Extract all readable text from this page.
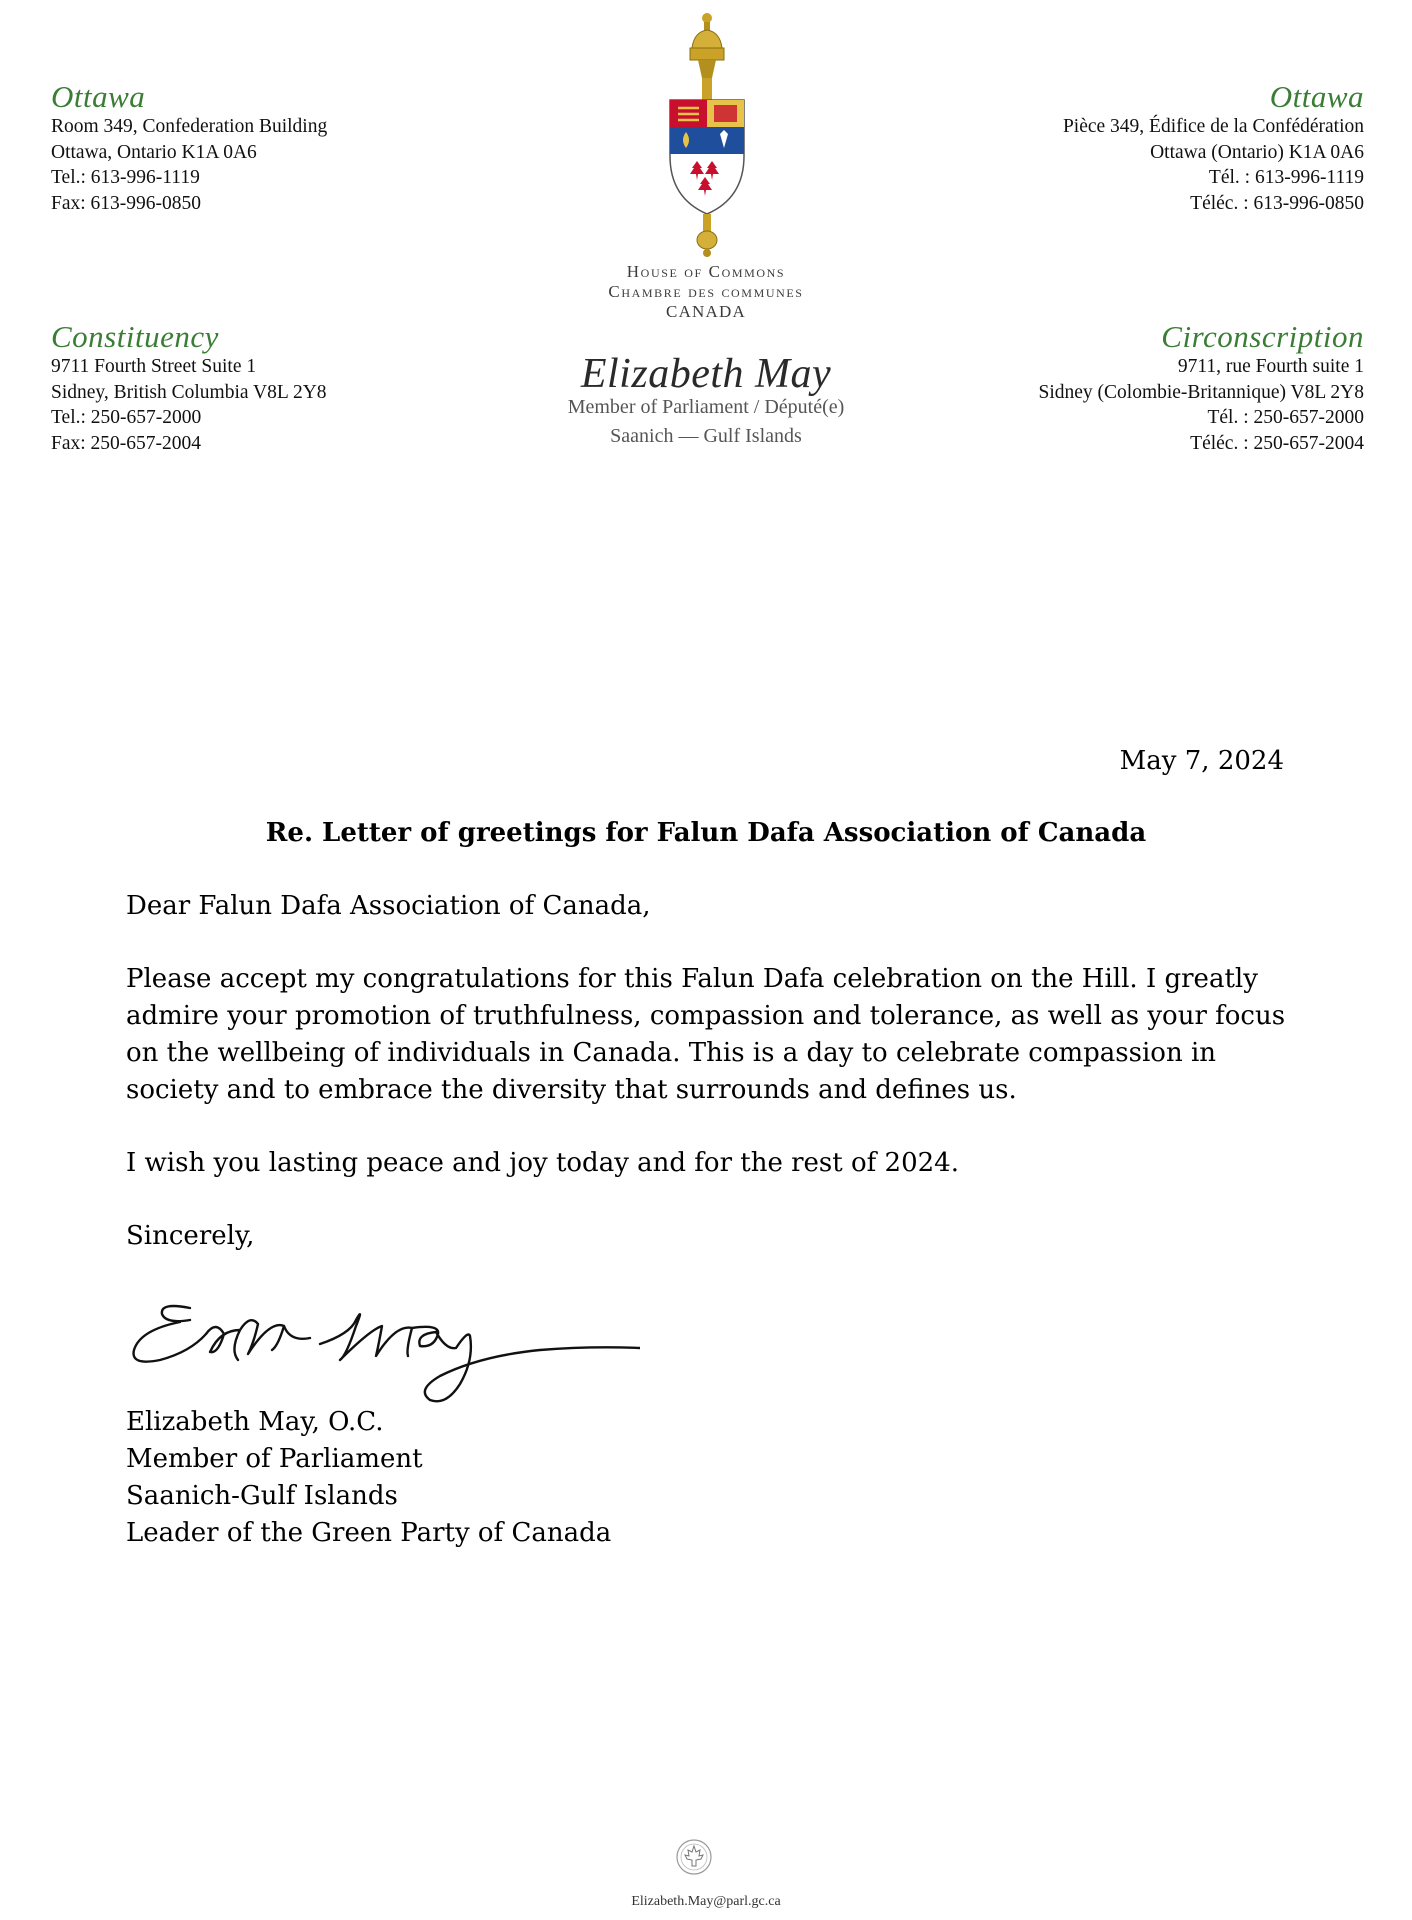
Ottawa
Room 349, Confederation Building
Ottawa, Ontario K1A 0A6
Tel.: 613-996-1119
Fax: 613-996-0850
Ottawa
Pièce 349, Édifice de la Confédération
Ottawa (Ontario) K1A 0A6
Tél. : 613-996-1119
Téléc. : 613-996-0850
Constituency
9711 Fourth Street Suite 1
Sidney, British Columbia V8L 2Y8
Tel.: 250-657-2000
Fax: 250-657-2004
Circonscription
9711, rue Fourth suite 1
Sidney (Colombie-Britannique) V8L 2Y8
Tél. : 250-657-2000
Téléc. : 250-657-2004
House of Commons
Chambre des communes
CANADA
Elizabeth May
Member of Parliament / Député(e)
Saanich — Gulf Islands
May 7, 2024
Re. Letter of greetings for Falun Dafa Association of Canada
Dear Falun Dafa Association of Canada,
Please accept my congratulations for this Falun Dafa celebration on the Hill. I greatly
admire your promotion of truthfulness, compassion and tolerance, as well as your focus
on the wellbeing of individuals in Canada. This is a day to celebrate compassion in
society and to embrace the diversity that surrounds and defines us.
I wish you lasting peace and joy today and for the rest of 2024.
Sincerely,
Elizabeth May, O.C.
Member of Parliament
Saanich-Gulf Islands
Leader of the Green Party of Canada
Elizabeth.May@parl.gc.ca
